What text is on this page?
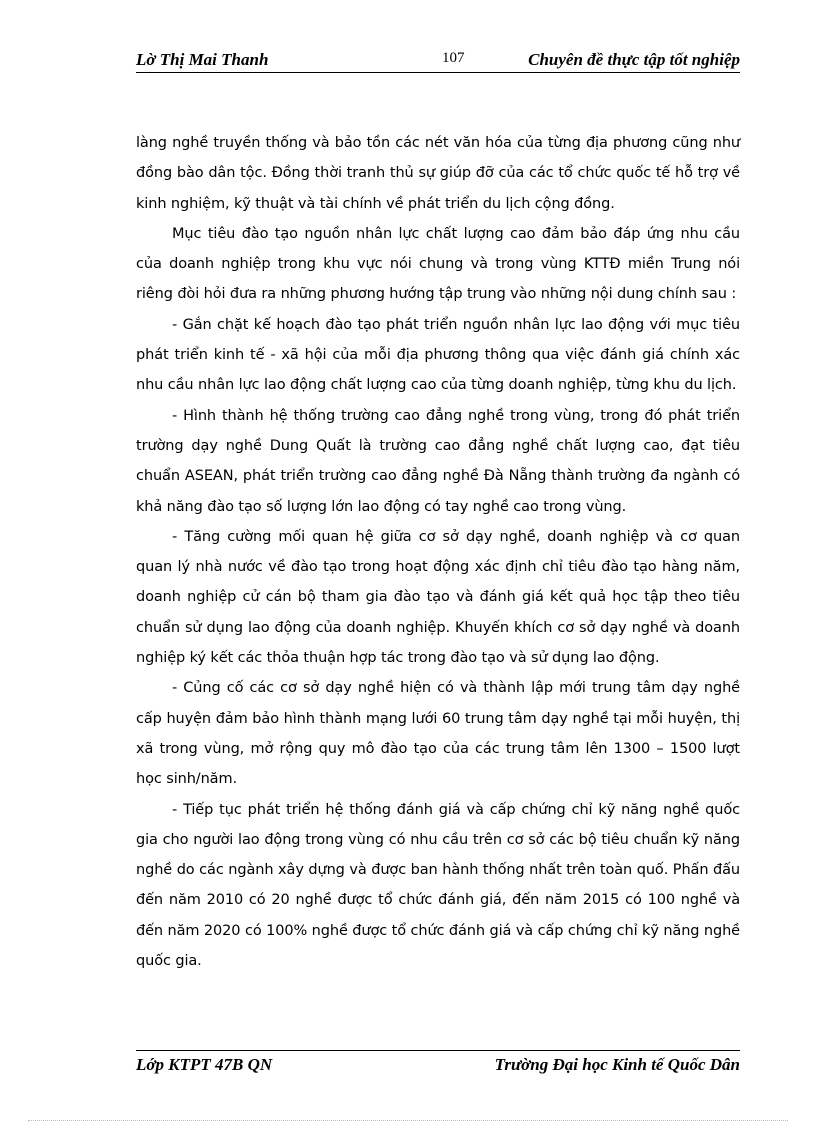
Lờ Thị Mai Thanh	107	Chuyên đề thực tập tốt nghiệp

làng nghề truyền thống và bảo tồn các nét văn hóa của từng địa phương cũng như đồng bào dân tộc. Đồng thời tranh thủ sự giúp đỡ của các tổ chức quốc tế hỗ trợ về kinh nghiệm, kỹ thuật và tài chính về phát triển du lịch cộng đồng.

Mục tiêu đào tạo nguồn nhân lực chất lượng cao đảm bảo đáp ứng nhu cầu của doanh nghiệp trong khu vực nói chung và trong vùng KTTĐ miền Trung nói riêng đòi hỏi đưa ra những phương hướng tập trung vào những nội dung chính sau :

- Gắn chặt kế hoạch đào tạo phát triển nguồn nhân lực lao động với mục tiêu phát triển kinh tế - xã hội của mỗi địa phương thông qua việc đánh giá chính xác nhu cầu nhân lực lao động chất lượng cao của từng doanh nghiệp, từng khu du lịch.

- Hình thành hệ thống trường cao đẳng nghề trong vùng, trong đó phát triển trường dạy nghề Dung Quất là trường cao đẳng nghề chất lượng cao, đạt tiêu chuẩn ASEAN, phát triển trường cao đẳng nghề Đà Nẵng thành trường đa ngành có khả năng đào tạo số lượng lớn lao động có tay nghề cao trong vùng.

- Tăng cường mối quan hệ giữa cơ sở dạy nghề, doanh nghiệp và cơ quan quan lý nhà nước về đào tạo trong hoạt động xác định chỉ tiêu đào tạo hàng năm, doanh nghiệp cử cán bộ tham gia đào tạo và đánh giá kết quả học tập theo tiêu chuẩn sử dụng lao động của doanh nghiệp. Khuyến khích cơ sở dạy nghề và doanh nghiệp ký kết các thỏa thuận hợp tác trong đào tạo và sử dụng lao động.

- Củng cố các cơ sở dạy nghề hiện có và thành lập mới trung tâm dạy nghề cấp huyện đảm bảo hình thành mạng lưới 60 trung tâm dạy nghề tại mỗi huyện, thị xã trong vùng, mở rộng quy mô đào tạo của các trung tâm lên 1300 – 1500 lượt học sinh/năm.

- Tiếp tục phát triển hệ thống đánh giá và cấp chứng chỉ kỹ năng nghề quốc gia cho người lao động trong vùng có nhu cầu trên cơ sở các bộ tiêu chuẩn kỹ năng nghề do các ngành xây dựng và được ban hành thống nhất trên toàn quố. Phấn đấu đến năm 2010 có 20 nghề được tổ chức đánh giá, đến năm 2015 có 100 nghề và đến năm 2020 có 100% nghề được tổ chức đánh giá và cấp chứng chỉ kỹ năng nghề quốc gia.

Lớp KTPT 47B QN	Trường Đại học Kinh tế Quốc Dân
